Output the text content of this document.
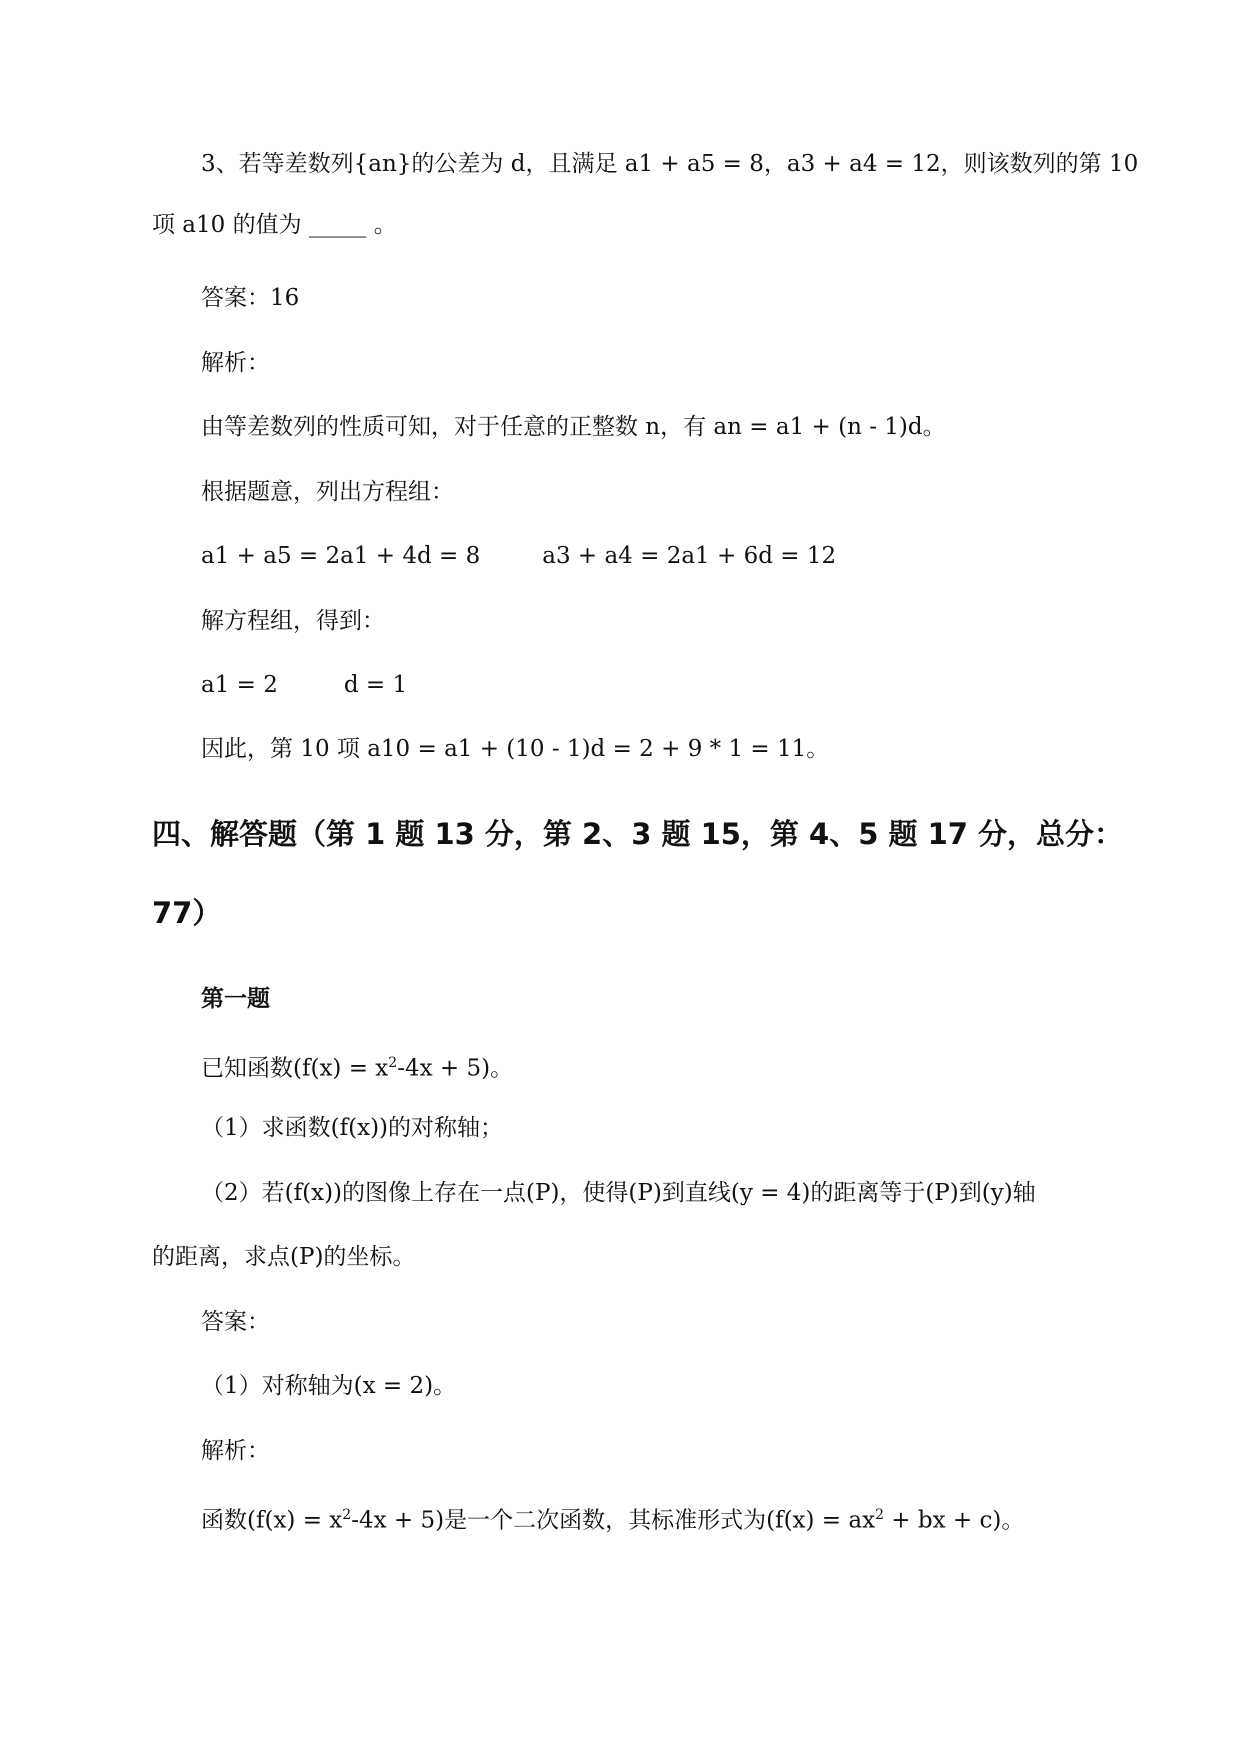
3、若等差数列{an}的公差为 d，且满足 a1 + a5 = 8，a3 + a4 = 12，则该数列的第 10

项 a10 的值为 _____ 。

答案：16

解析：

由等差数列的性质可知，对于任意的正整数 n，有 an = a1 + (n - 1)d。

根据题意，列出方程组：

a1 + a5 = 2a1 + 4d = 8	a3 + a4 = 2a1 + 6d = 12

解方程组，得到：

a1 = 2	d = 1

因此，第 10 项 a10 = a1 + (10 - 1)d = 2 + 9 * 1 = 11。

四、解答题（第 1 题 13 分，第 2、3 题 15，第 4、5 题 17 分，总分：

77）

第一题

已知函数$(f(x) = x^2-4x + 5)$。

（1）求函数(f(x))的对称轴；

（2）若(f(x))的图像上存在一点(P)，使得(P)到直线(y = 4)的距离等于(P)到(y)轴

的距离，求点(P)的坐标。

答案：

（1）对称轴为(x = 2)。

解析：

函数$(f(x) = x^2-4x + 5)$是一个二次函数，其标准形式为($f(x) = ax^2$ + bx + c)。
